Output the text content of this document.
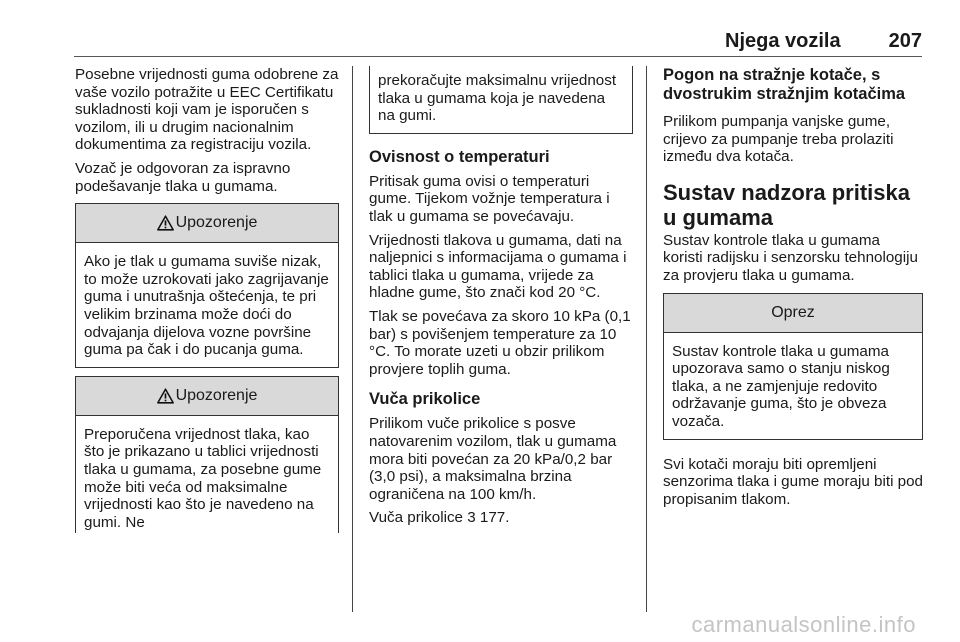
Njega vozila 207

Posebne vrijednosti guma odobrene za vaše vozilo potražite u EEC Certifikatu sukladnosti koji vam je isporučen s vozilom, ili u drugim nacionalnim dokumentima za registraciju vozila.

Vozač je odgovoran za ispravno podešavanje tlaka u gumama.

Upozorenje

Ako je tlak u gumama suviše nizak, to može uzrokovati jako zagrijavanje guma i unutrašnja oštećenja, te pri velikim brzinama može doći do odvajanja dijelova vozne površine guma pa čak i do pucanja guma.

Upozorenje

Preporučena vrijednost tlaka, kao što je prikazano u tablici vrijednosti tlaka u gumama, za posebne gume može biti veća od maksimalne vrijednosti kao što je navedeno na gumi. Ne

prekoračujte maksimalnu vrijednost tlaka u gumama koja je navedena na gumi.

Ovisnost o temperaturi

Pritisak guma ovisi o temperaturi gume. Tijekom vožnje temperatura i tlak u gumama se povećavaju.

Vrijednosti tlakova u gumama, dati na naljepnici s informacijama o gumama i tablici tlaka u gumama, vrijede za hladne gume, što znači kod 20 °C.

Tlak se povećava za skoro 10 kPa (0,1 bar) s povišenjem temperature za 10 °C. To morate uzeti u obzir prilikom provjere toplih guma.

Vuča prikolice

Prilikom vuče prikolice s posve natovarenim vozilom, tlak u gumama mora biti povećan za 20 kPa/0,2 bar (3,0 psi), a maksimalna brzina ograničena na 100 km/h.

Vuča prikolice 3 177.

Pogon na stražnje kotače, s dvostrukim stražnjim kotačima

Prilikom pumpanja vanjske gume, crijevo za pumpanje treba prolaziti između dva kotača.

Sustav nadzora pritiska u gumama

Sustav kontrole tlaka u gumama koristi radijsku i senzorsku tehnologiju za provjeru tlaka u gumama.

Oprez

Sustav kontrole tlaka u gumama upozorava samo o stanju niskog tlaka, a ne zamjenjuje redovito održavanje guma, što je obveza vozača.

Svi kotači moraju biti opremljeni senzorima tlaka i gume moraju biti pod propisanim tlakom.

carmanualsonline.info
